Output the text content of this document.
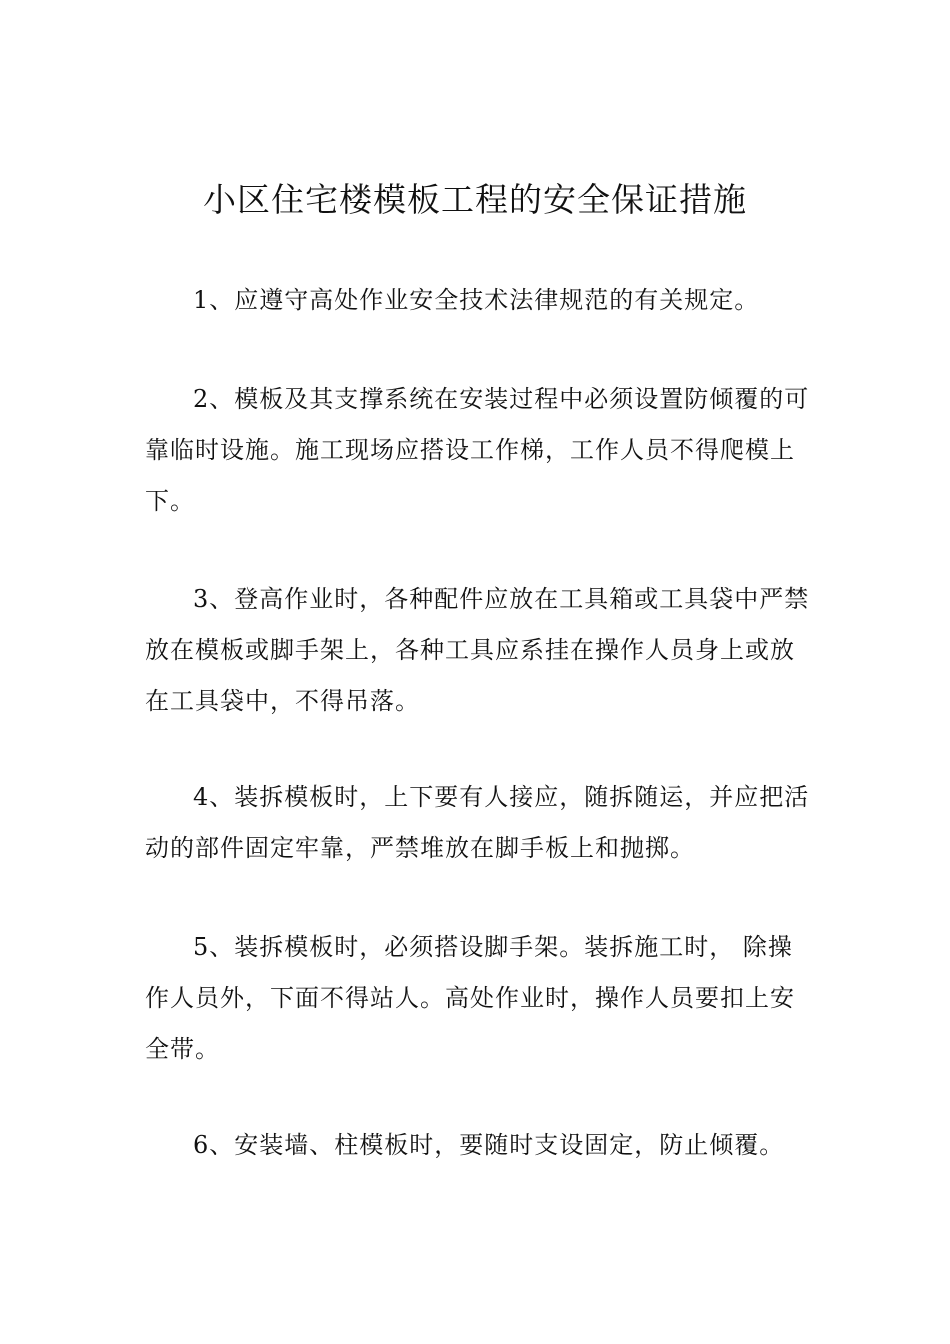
小区住宅楼模板工程的安全保证措施

1、应遵守高处作业安全技术法律规范的有关规定。

2、模板及其支撑系统在安装过程中必须设置防倾覆的可靠临时设施。施工现场应搭设工作梯，工作人员不得爬模上下。

3、登高作业时，各种配件应放在工具箱或工具袋中严禁放在模板或脚手架上，各种工具应系挂在操作人员身上或放在工具袋中，不得吊落。

4、装拆模板时，上下要有人接应，随拆随运，并应把活动的部件固定牢靠，严禁堆放在脚手板上和抛掷。

5、装拆模板时，必须搭设脚手架。装拆施工时， 除操作人员外，下面不得站人。高处作业时，操作人员要扣上安全带。

6、安装墙、柱模板时，要随时支设固定，防止倾覆。
